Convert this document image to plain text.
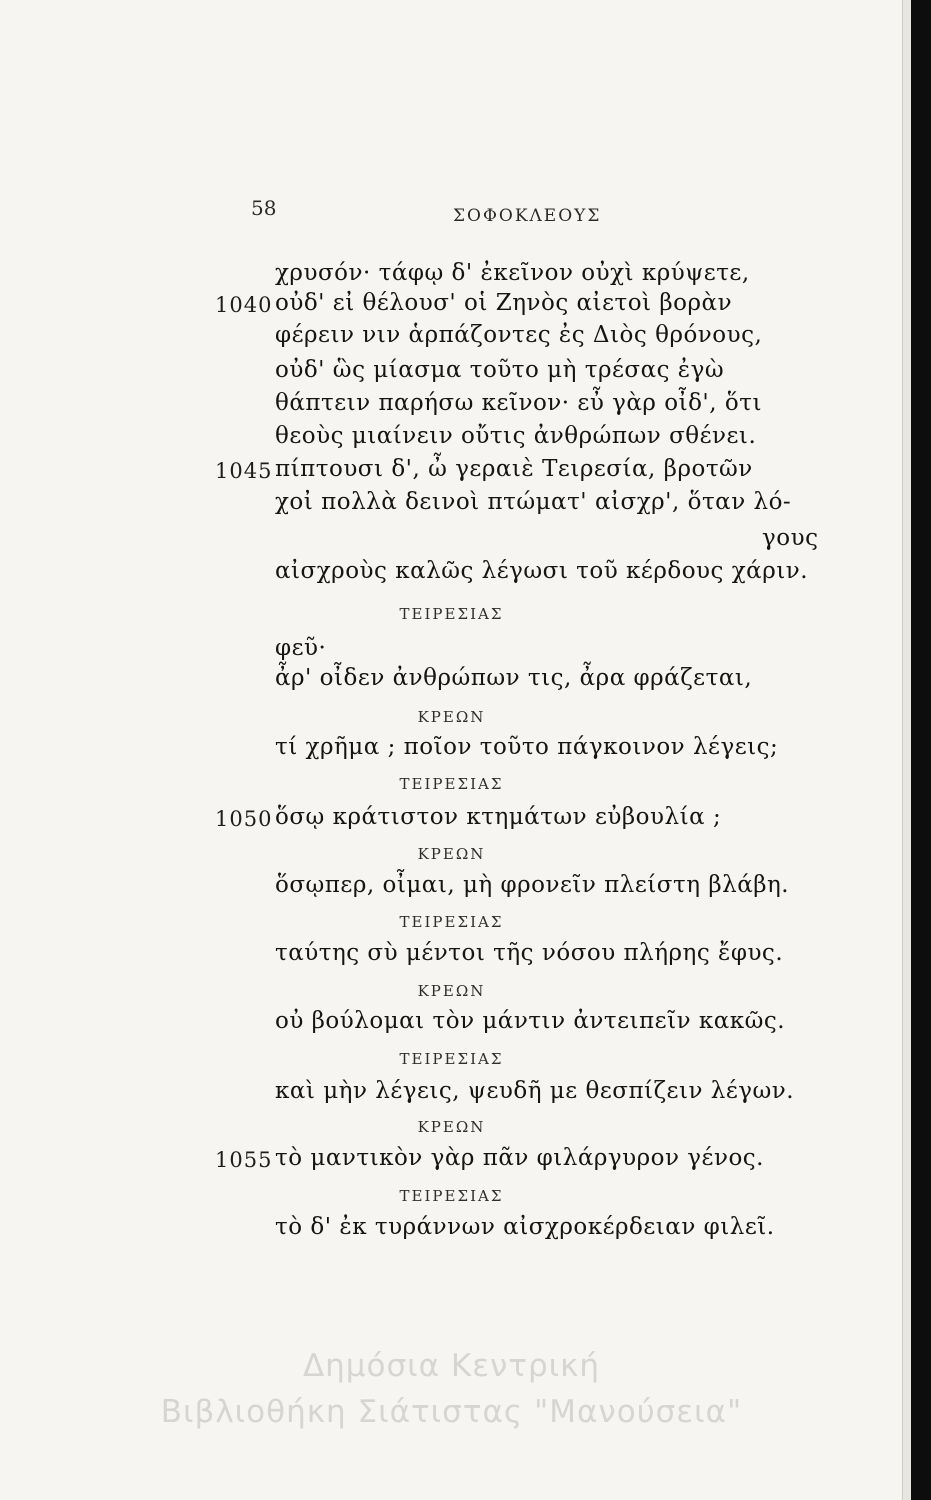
58	ΣΟΦΟΚΛΕΟΥΣ
χρυσόν· τάφῳ δ' ἐκεῖνον οὐχὶ κρύψετε,
1040 οὐδ' εἰ θέλουσ' οἱ Ζηνὸς αἰετοὶ βορὰν
φέρειν νιν ἁρπάζοντες ἐς Διὸς θρόνους,
οὐδ' ὣς μίασμα τοῦτο μὴ τρέσας ἐγὼ
θάπτειν παρήσω κεῖνον· εὖ γὰρ οἶδ', ὅτι
θεοὺς μιαίνειν οὔτις ἀνθρώπων σθένει.
1045 πίπτουσι δ', ὦ γεραιὲ Τειρεσία, βροτῶν
χοἰ πολλὰ δεινοὶ πτώματ' αἰσχρ', ὅταν λό-
γους
αἰσχροὺς καλῶς λέγωσι τοῦ κέρδους χάριν.
ΤΕΙΡΕΣΙΑΣ
φεῦ·
ἆρ' οἶδεν ἀνθρώπων τις, ἆρα φράζεται,
ΚΡΕΩΝ
τί χρῆμα ; ποῖον τοῦτο πάγκοινον λέγεις;
ΤΕΙΡΕΣΙΑΣ
1050 ὅσῳ κράτιστον κτημάτων εὐβουλία ;
ΚΡΕΩΝ
ὅσῳπερ, οἶμαι, μὴ φρονεῖν πλείστη βλάβη.
ΤΕΙΡΕΣΙΑΣ
ταύτης σὺ μέντοι τῆς νόσου πλήρης ἔφυς.
ΚΡΕΩΝ
οὐ βούλομαι τὸν μάντιν ἀντειπεῖν κακῶς.
ΤΕΙΡΕΣΙΑΣ
καὶ μὴν λέγεις, ψευδῆ με θεσπίζειν λέγων.
ΚΡΕΩΝ
1055 τὸ μαντικὸν γὰρ πᾶν φιλάργυρον γένος.
ΤΕΙΡΕΣΙΑΣ
τὸ δ' ἐκ τυράννων αἰσχροκέρδειαν φιλεῖ.
Δημόσια Κεντρική
Βιβλιοθήκη Σιάτιστας "Μανούσεια"
